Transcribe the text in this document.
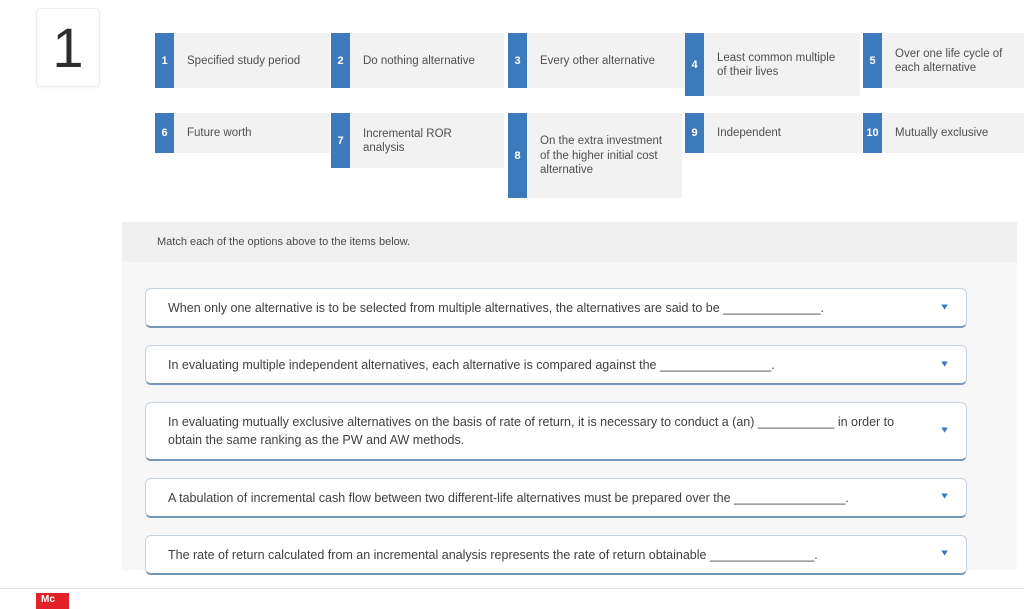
1	1	Specified study period	2	Do nothing alternative	3	Every other alternative	4
Least common multiple of their lives
5
Over one life cycle of each alternative
6	Future worth
7
Incremental ROR analysis
8
On the extra investment of the higher initial cost alternative
9	Independent	10	Mutually exclusive
Match each of the options above to the items below.
When only one alternative is to be selected from multiple alternatives, the alternatives are said to be ______________.	▼
In evaluating multiple independent alternatives, each alternative is compared against the ________________.	▼
In evaluating mutually exclusive alternatives on the basis of rate of return, it is necessary to conduct a (an) ___________ in order to obtain the same ranking as the PW and AW methods.
▼
A tabulation of incremental cash flow between two different-life alternatives must be prepared over the ________________.	▼
The rate of return calculated from an incremental analysis represents the rate of return obtainable _______________.	▼
Mc
